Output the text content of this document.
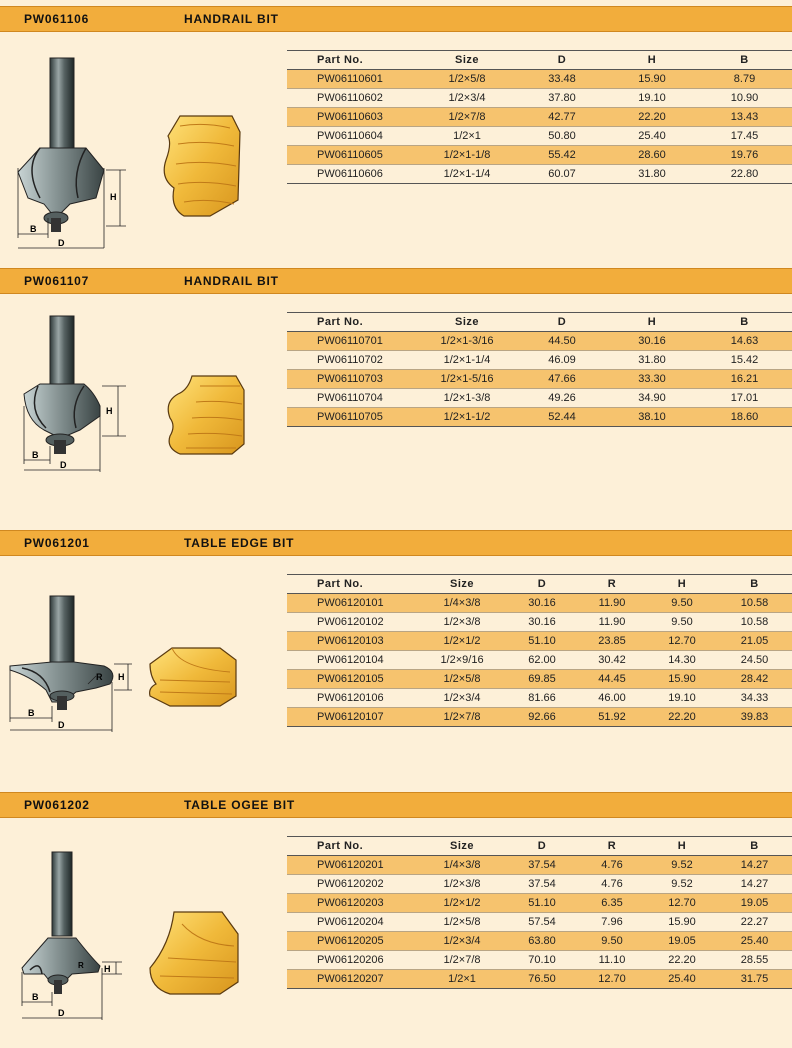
PW061106	HANDRAIL BIT
H
B
D
Part No.	Size	D	H	B
PW06110601	1/2×5/8	33.48	15.90	8.79
PW06110602	1/2×3/4	37.80	19.10	10.90
PW06110603	1/2×7/8	42.77	22.20	13.43
PW06110604	1/2×1	50.80	25.40	17.45
PW06110605	1/2×1-1/8	55.42	28.60	19.76
PW06110606	1/2×1-1/4	60.07	31.80	22.80
PW061107	HANDRAIL BIT
H
B
D
Part No.	Size	D	H	B
PW06110701	1/2×1-3/16	44.50	30.16	14.63
PW06110702	1/2×1-1/4	46.09	31.80	15.42
PW06110703	1/2×1-5/16	47.66	33.30	16.21
PW06110704	1/2×1-3/8	49.26	34.90	17.01
PW06110705	1/2×1-1/2	52.44	38.10	18.60
PW061201	TABLE EDGE BIT
H
R
B
D
Part No.	Size	D	R	H	B
PW06120101	1/4×3/8	30.16	11.90	9.50	10.58
PW06120102	1/2×3/8	30.16	11.90	9.50	10.58
PW06120103	1/2×1/2	51.10	23.85	12.70	21.05
PW06120104	1/2×9/16	62.00	30.42	14.30	24.50
PW06120105	1/2×5/8	69.85	44.45	15.90	28.42
PW06120106	1/2×3/4	81.66	46.00	19.10	34.33
PW06120107	1/2×7/8	92.66	51.92	22.20	39.83
PW061202	TABLE OGEE BIT
H
R
B
D
Part No.	Size	D	R	H	B
PW06120201	1/4×3/8	37.54	4.76	9.52	14.27
PW06120202	1/2×3/8	37.54	4.76	9.52	14.27
PW06120203	1/2×1/2	51.10	6.35	12.70	19.05
PW06120204	1/2×5/8	57.54	7.96	15.90	22.27
PW06120205	1/2×3/4	63.80	9.50	19.05	25.40
PW06120206	1/2×7/8	70.10	11.10	22.20	28.55
PW06120207	1/2×1	76.50	12.70	25.40	31.75
